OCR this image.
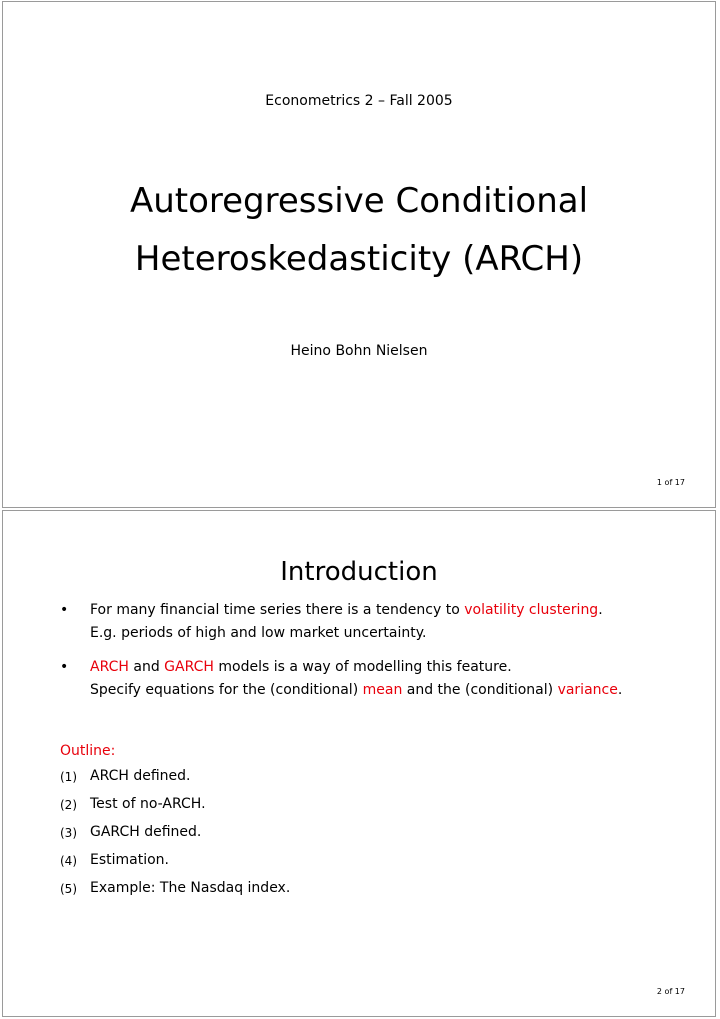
Econometrics 2 – Fall 2005
Autoregressive Conditional
Heteroskedasticity (ARCH)
Heino Bohn Nielsen
1 of 17
Introduction
• For many financial time series there is a tendency to volatility clustering.
E.g. periods of high and low market uncertainty.
• ARCH and GARCH models is a way of modelling this feature.
Specify equations for the (conditional) mean and the (conditional) variance.
Outline:
(1) ARCH defined.
(2) Test of no-ARCH.
(3) GARCH defined.
(4) Estimation.
(5) Example: The Nasdaq index.
2 of 17
